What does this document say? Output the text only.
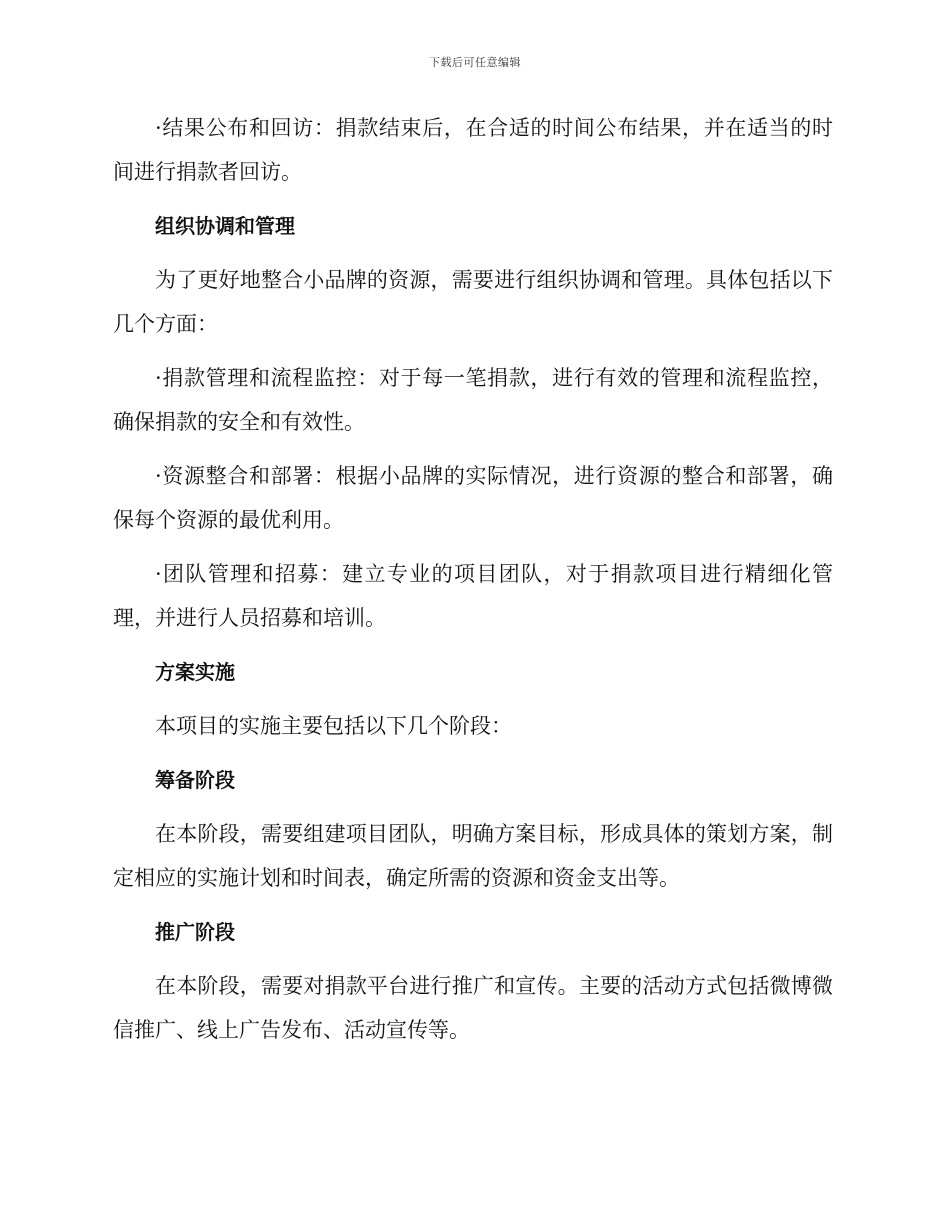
下载后可任意编辑

·结果公布和回访：捐款结束后，在合适的时间公布结果，并在适当的时间进行捐款者回访。

组织协调和管理

为了更好地整合小品牌的资源，需要进行组织协调和管理。具体包括以下几个方面：

·捐款管理和流程监控：对于每一笔捐款，进行有效的管理和流程监控，确保捐款的安全和有效性。

·资源整合和部署：根据小品牌的实际情况，进行资源的整合和部署，确保每个资源的最优利用。

·团队管理和招募：建立专业的项目团队，对于捐款项目进行精细化管理，并进行人员招募和培训。

方案实施

本项目的实施主要包括以下几个阶段：

筹备阶段

在本阶段，需要组建项目团队，明确方案目标，形成具体的策划方案，制定相应的实施计划和时间表，确定所需的资源和资金支出等。

推广阶段

在本阶段，需要对捐款平台进行推广和宣传。主要的活动方式包括微博微信推广、线上广告发布、活动宣传等。
